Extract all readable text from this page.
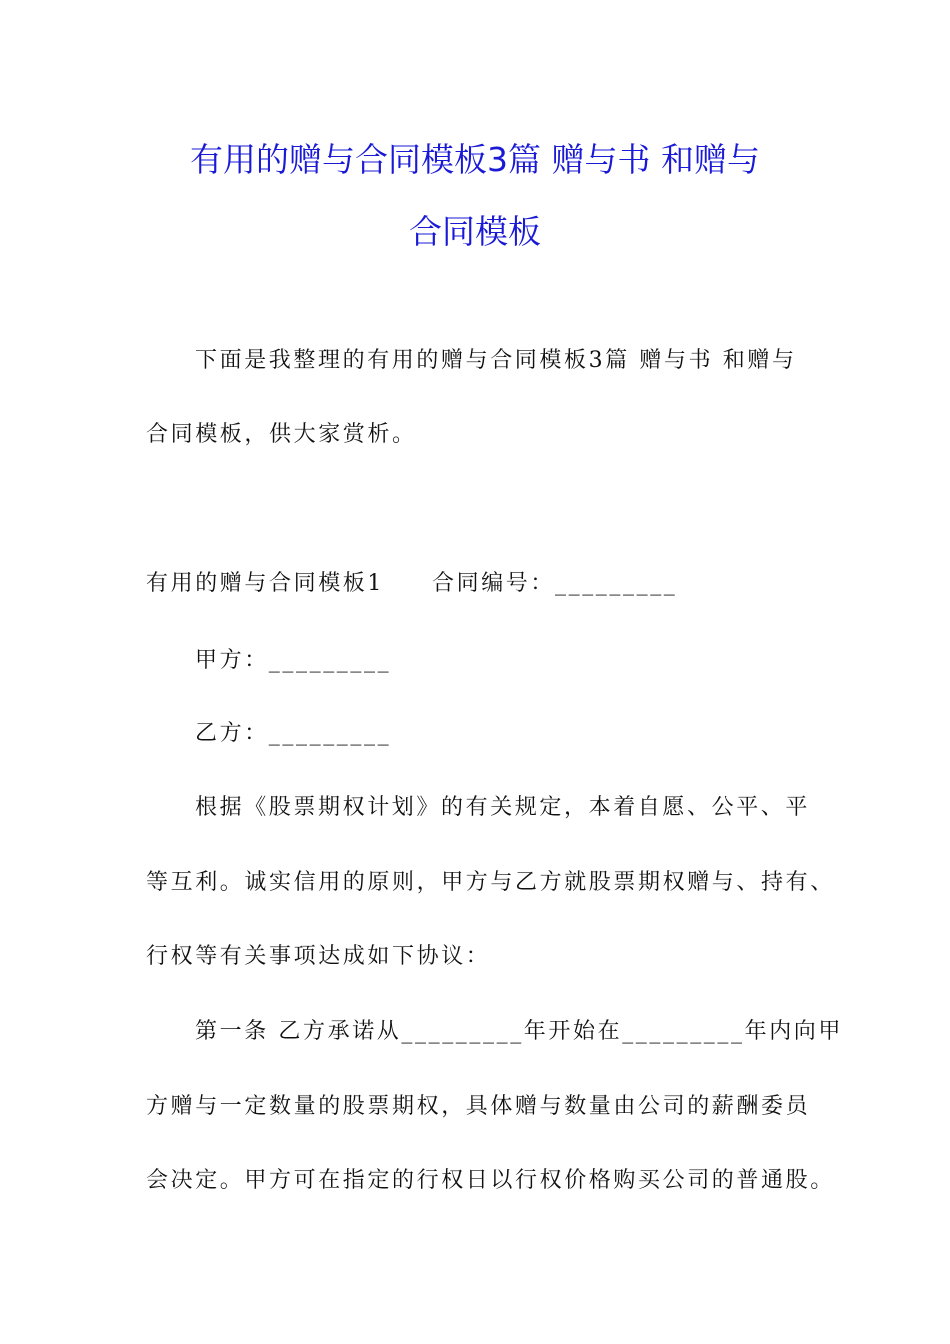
有用的赠与合同模板3篇 赠与书 和赠与
合同模板
下面是我整理的有用的赠与合同模板3篇 赠与书 和赠与
合同模板，供大家赏析。
有用的赠与合同模板1 合同编号：_________
甲方：_________
乙方：_________
根据《股票期权计划》的有关规定，本着自愿、公平、平
等互利。诚实信用的原则，甲方与乙方就股票期权赠与、持有、
行权等有关事项达成如下协议：
第一条 乙方承诺从_________年开始在_________年内向甲
方赠与一定数量的股票期权，具体赠与数量由公司的薪酬委员
会决定。甲方可在指定的行权日以行权价格购买公司的普通股。
